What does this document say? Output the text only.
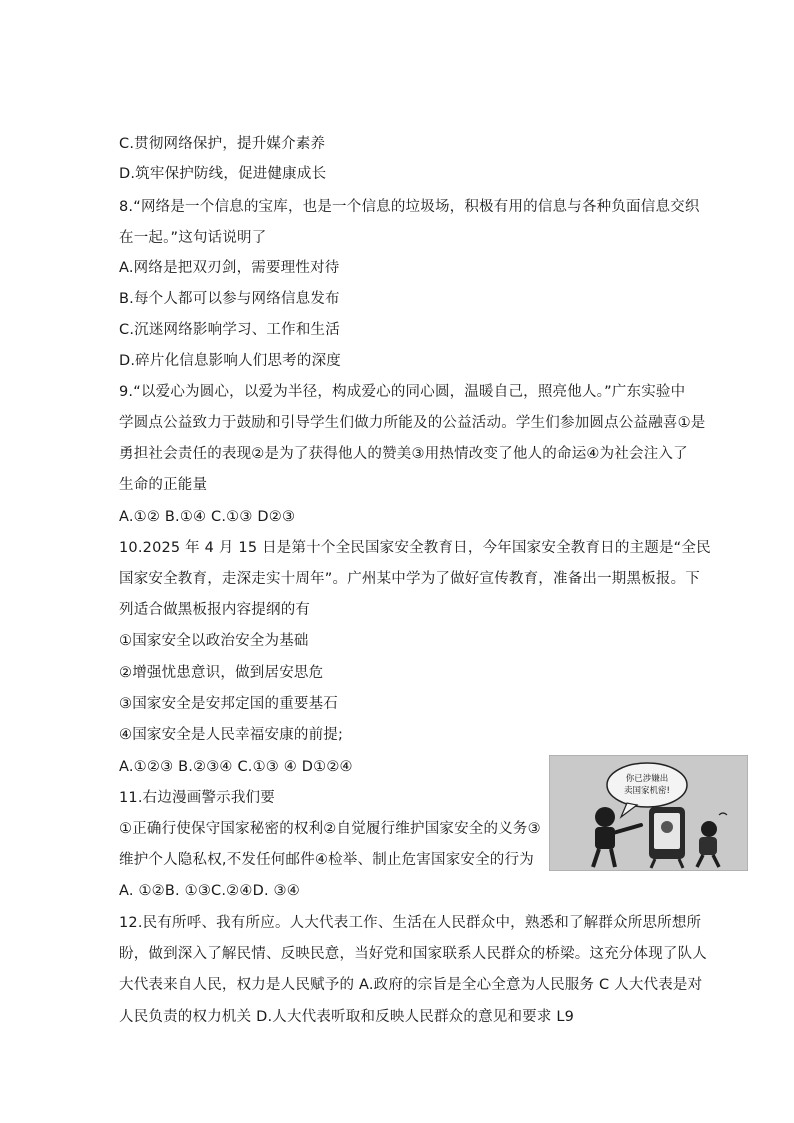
C.贯彻网络保护，提升媒介素养
D.筑牢保护防线，促进健康成长
8.“网络是一个信息的宝库，也是一个信息的垃圾场，积极有用的信息与各种负面信息交织
在一起。”这句话说明了
A.网络是把双刃剑，需要理性对待
B.每个人都可以参与网络信息发布
C.沉迷网络影响学习、工作和生活
D.碎片化信息影响人们思考的深度
9.“以爱心为圆心，以爱为半径，构成爱心的同心圆，温暖自己，照亮他人。”广东实验中
学圆点公益致力于鼓励和引导学生们做力所能及的公益活动。学生们参加圆点公益融喜①是
勇担社会责任的表现②是为了获得他人的赞美③用热情改变了他人的命运④为社会注入了
生命的正能量
A.①② B.①④ C.①③ D②③
10.2025 年 4 月 15 日是第十个全民国家安全教育日，今年国家安全教育日的主题是“全民
国家安全教育，走深走实十周年”。广州某中学为了做好宣传教育，准备出一期黑板报。下
列适合做黑板报内容提纲的有
①国家安全以政治安全为基础
②增强忧患意识，做到居安思危
③国家安全是安邦定国的重要基石
④国家安全是人民幸福安康的前提;
A.①②③ B.②③④ C.①③ ④ D①②④
11.右边漫画警示我们要
①正确行使保守国家秘密的权利②自觉履行维护国家安全的义务③
维护个人隐私权,不发任何邮件④检举、制止危害国家安全的行为
A. ①②B. ①③C.②④D. ③④
12.民有所呼、我有所应。人大代表工作、生活在人民群众中，熟悉和了解群众所思所想所
盼，做到深入了解民情、反映民意，当好党和国家联系人民群众的桥梁。这充分体现了队人
大代表来自人民，权力是人民赋予的 A.政府的宗旨是全心全意为人民服务 C 人大代表是对
人民负责的权力机关 D.人大代表听取和反映人民群众的意见和要求 L9
你已涉嫌出
卖国家机密!
